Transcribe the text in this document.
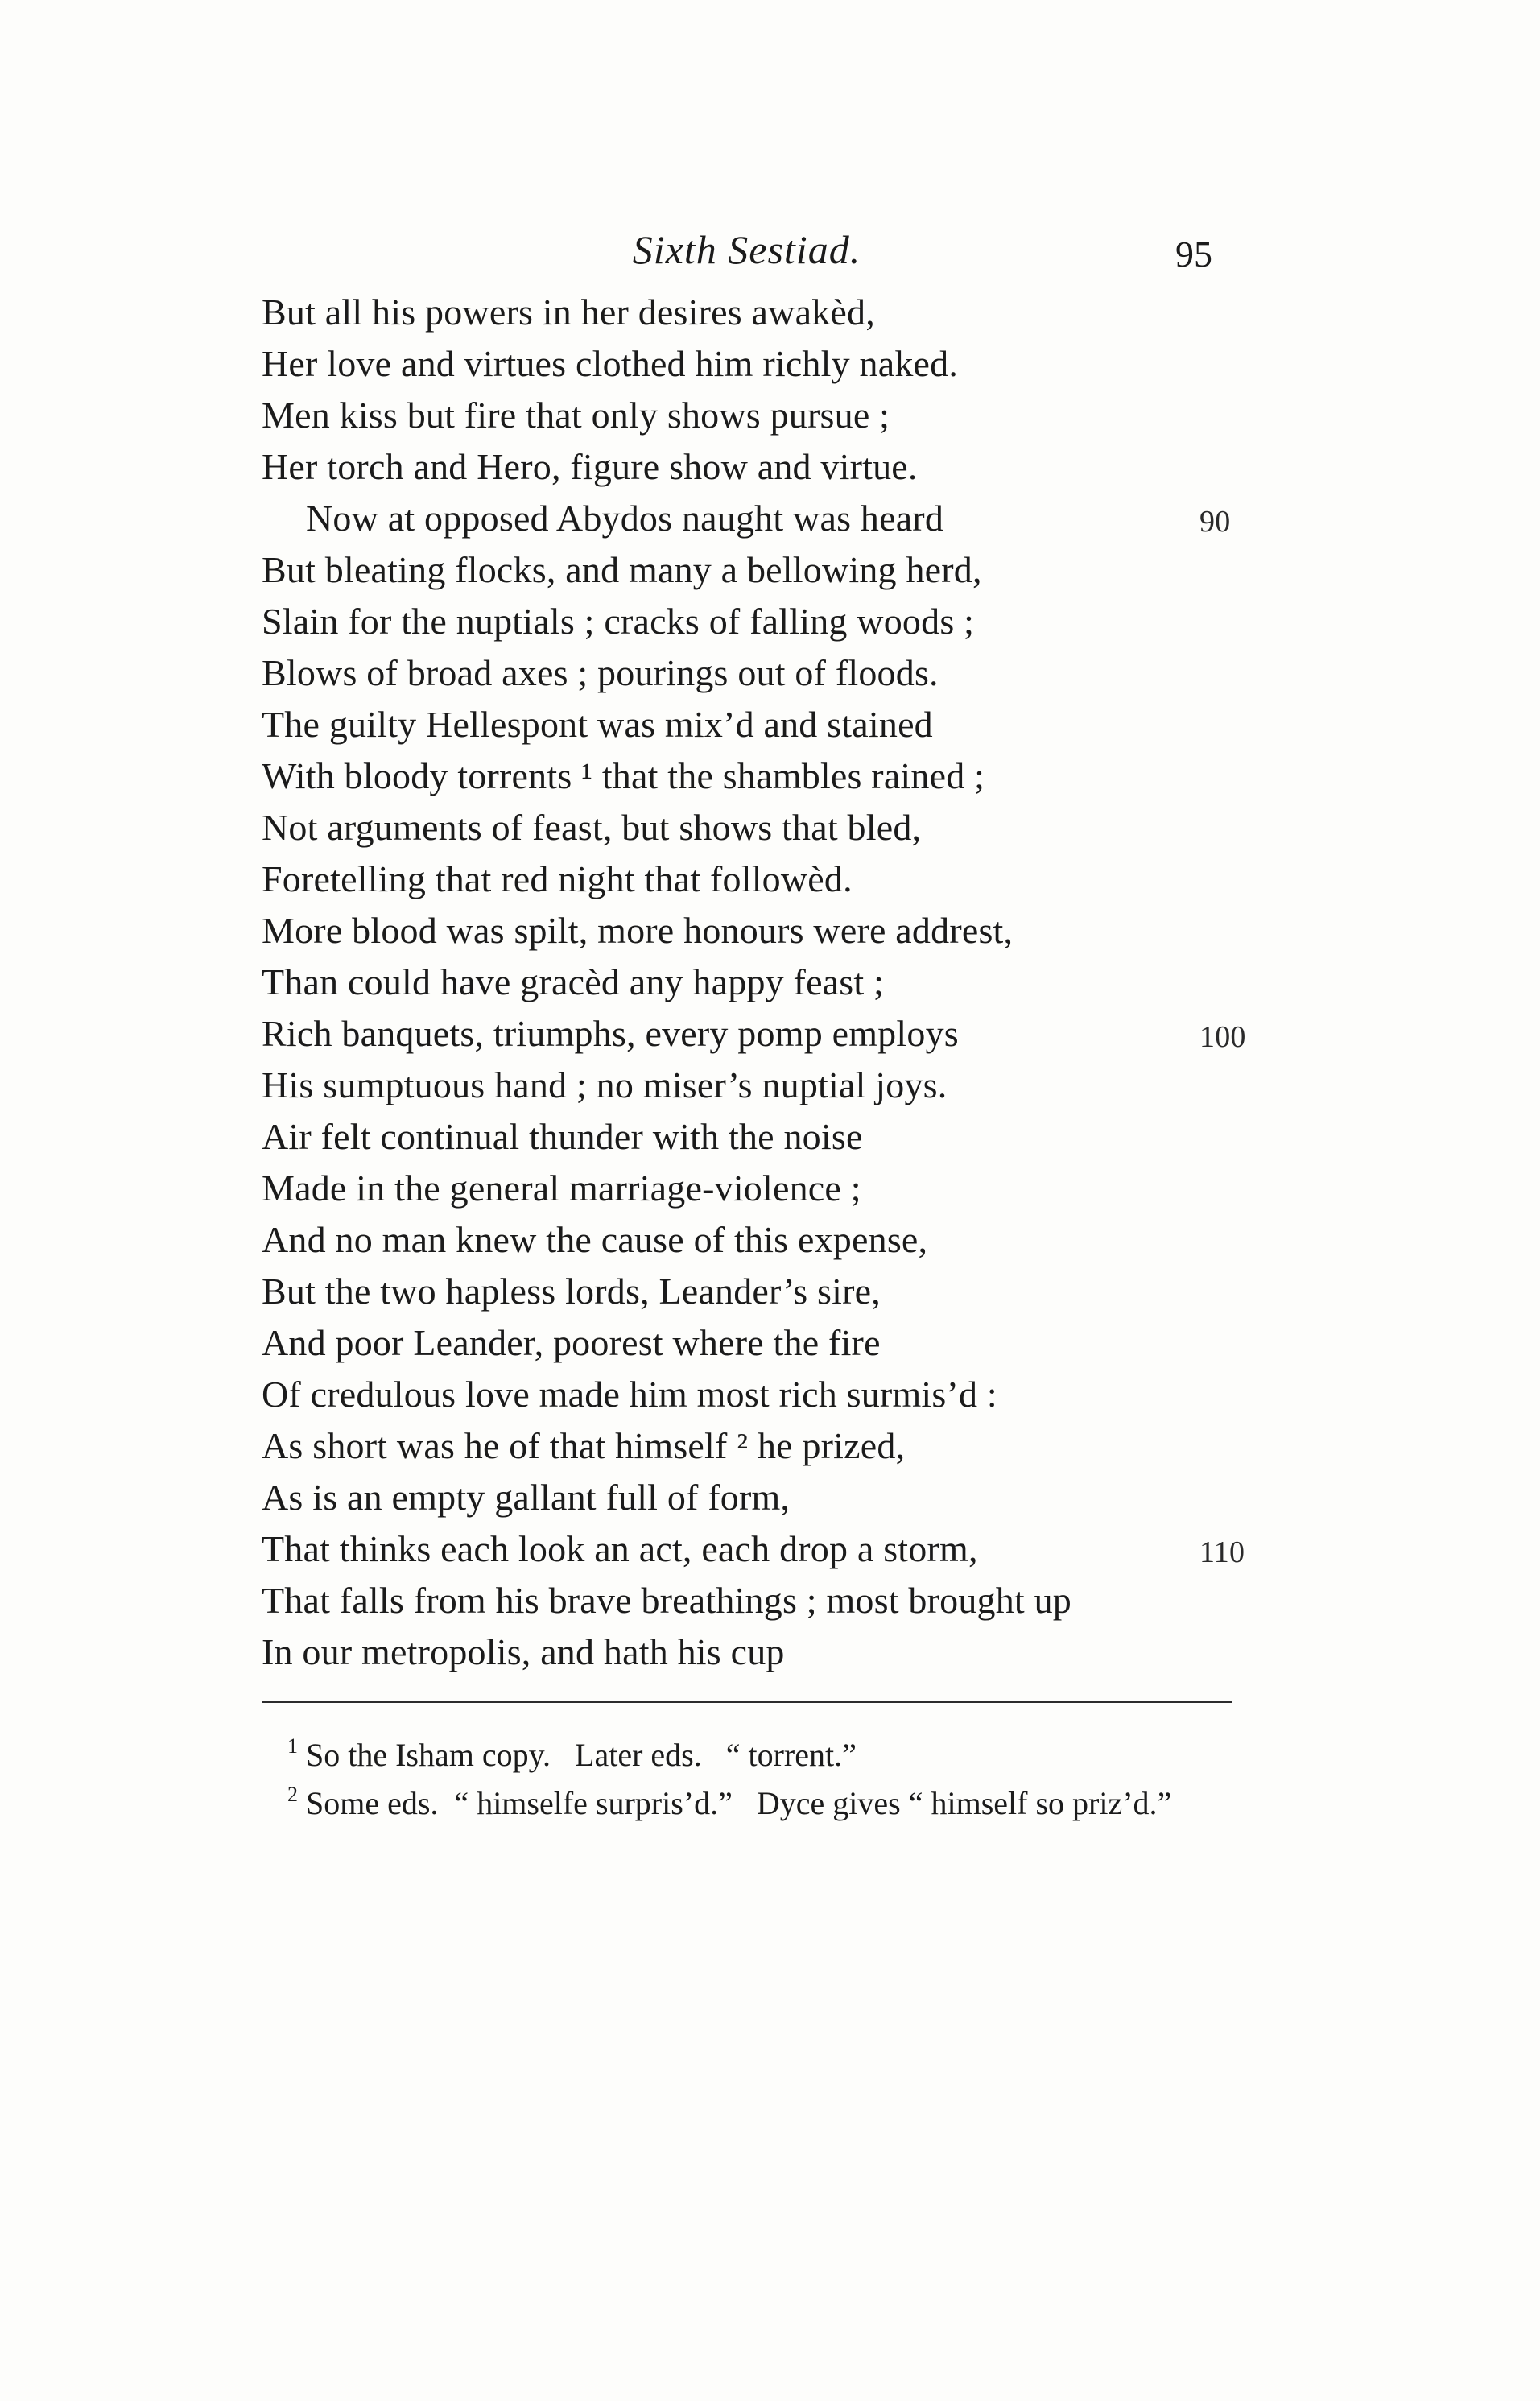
Sixth Sestiad.	95
But all his powers in her desires awakèd,
Her love and virtues clothed him richly naked.
Men kiss but fire that only shows pursue ;
Her torch and Hero, figure show and virtue.
Now at opposed Abydos naught was heard	90
But bleating flocks, and many a bellowing herd,
Slain for the nuptials ; cracks of falling woods ;
Blows of broad axes ; pourings out of floods.
The guilty Hellespont was mix’d and stained
With bloody torrents ¹ that the shambles rained ;
Not arguments of feast, but shows that bled,
Foretelling that red night that followèd.
More blood was spilt, more honours were addrest,
Than could have gracèd any happy feast ;
Rich banquets, triumphs, every pomp employs	100
His sumptuous hand ; no miser’s nuptial joys.
Air felt continual thunder with the noise
Made in the general marriage-violence ;
And no man knew the cause of this expense,
But the two hapless lords, Leander’s sire,
And poor Leander, poorest where the fire
Of credulous love made him most rich surmis’d :
As short was he of that himself ² he prized,
As is an empty gallant full of form,
That thinks each look an act, each drop a storm,	110
That falls from his brave breathings ; most brought up
In our metropolis, and hath his cup
$^1$ So the Isham copy.   Later eds.   “ torrent.”
$^2$ Some eds.  “ himselfe surpris’d.”   Dyce gives “ himself so priz’d.”
